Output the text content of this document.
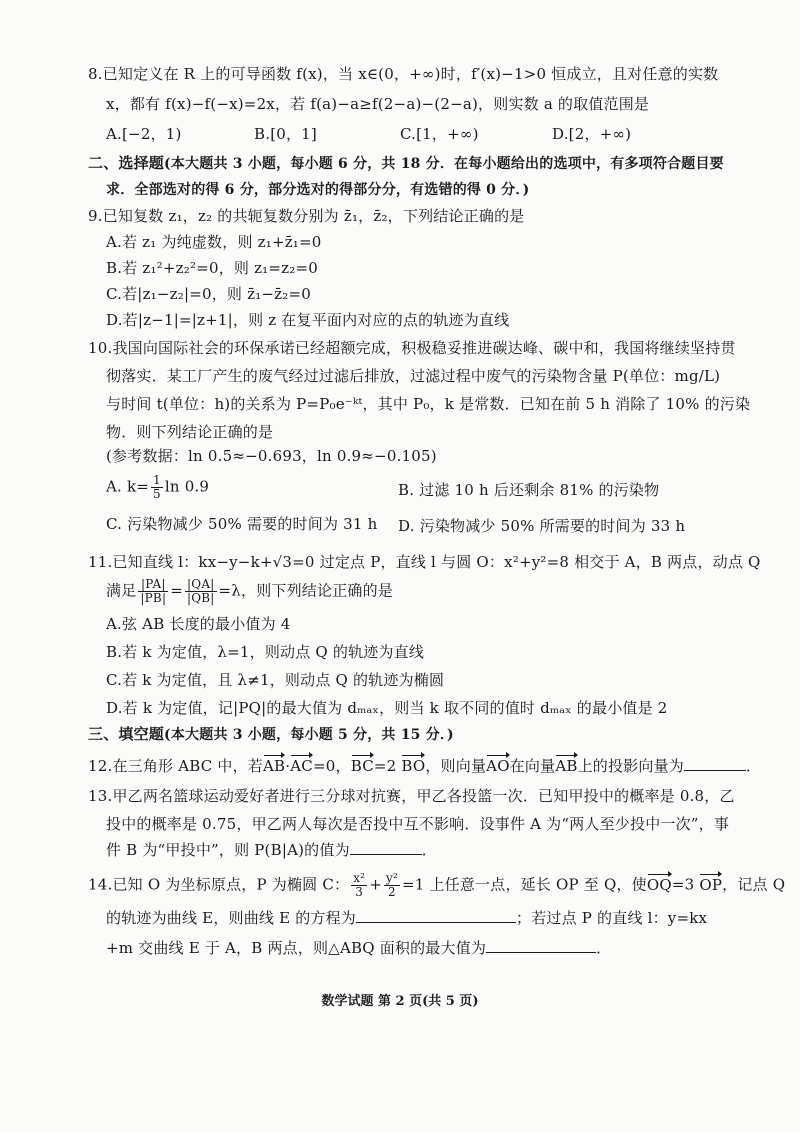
8.已知定义在 R 上的可导函数 f(x)，当 x∈(0，+∞)时，f′(x)−1>0 恒成立，且对任意的实数
x，都有 f(x)−f(−x)=2x，若 f(a)−a≥f(2−a)−(2−a)，则实数 a 的取值范围是
A.[−2，1)	B.[0，1]	C.[1，+∞)	D.[2，+∞)
二、选择题(本大题共 3 小题，每小题 6 分，共 18 分．在每小题给出的选项中，有多项符合题目要
求．全部选对的得 6 分，部分选对的得部分分，有选错的得 0 分．)
9.已知复数 z₁，z₂ 的共轭复数分别为 z̄₁，z̄₂，下列结论正确的是
A.若 z₁ 为纯虚数，则 z₁+z̄₁=0
B.若 z₁²+z₂²=0，则 z₁=z₂=0
C.若|z₁−z₂|=0，则 z̄₁−z̄₂=0
D.若|z−1|=|z+1|，则 z 在复平面内对应的点的轨迹为直线
10.我国向国际社会的环保承诺已经超额完成，积极稳妥推进碳达峰、碳中和，我国将继续坚持贯
彻落实．某工厂产生的废气经过过滤后排放，过滤过程中废气的污染物含量 P(单位：mg/L)
与时间 t(单位：h)的关系为 P=P₀e⁻ᵏᵗ，其中 P₀，k 是常数．已知在前 5 h 消除了 10% 的污染
物．则下列结论正确的是
(参考数据：ln 0.5≈−0.693，ln 0.9≈−0.105)
A. $k= \frac{1}{5}$ ln 0.9	B. 过滤 10 h 后还剩余 81% 的污染物
C. 污染物减少 50% 需要的时间为 31 h D. 污染物减少 50% 所需要的时间为 33 h
11.已知直线 l：kx−y−k+√3=0 过定点 P，直线 l 与圆 O：x²+y²=8 相交于 A，B 两点，动点 Q
满足 $\frac{|PA|}{|PB|} = \frac{|QA|}{|QB|} =\lambda$，则下列结论正确的是
A.弦 AB 长度的最小值为 4
B.若 k 为定值，λ=1，则动点 Q 的轨迹为直线
C.若 k 为定值，且 λ≠1，则动点 Q 的轨迹为椭圆
D.若 k 为定值，记|PQ|的最大值为 dₘₐₓ，则当 k 取不同的值时 dₘₐₓ 的最小值是 2
三、填空题(本大题共 3 小题，每小题 5 分，共 15 分．)
12.在三角形 ABC 中，若AB·AC=0，BC=2 BO，则向量AO在向量AB上的投影向量为	．
13.甲乙两名篮球运动爱好者进行三分球对抗赛，甲乙各投篮一次．已知甲投中的概率是 0.8，乙
投中的概率是 0.75，甲乙两人每次是否投中互不影响．设事件 A 为“两人至少投中一次”，事
件 B 为“甲投中”，则 P(B|A)的值为	．
14.已知 O 为坐标原点，P 为椭圆 C： $\frac{\text{x²}}{3} + \frac{\text{y²}}{2} =1$ 上任意一点，延长 OP 至 Q，使OQ=3 OP，记点 Q
的轨迹为曲线 E，则曲线 E 的方程为	；若过点 P 的直线 l：y=kx
+m 交曲线 E 于 A，B 两点，则△ABQ 面积的最大值为	．
数学试题 第 2 页(共 5 页)
